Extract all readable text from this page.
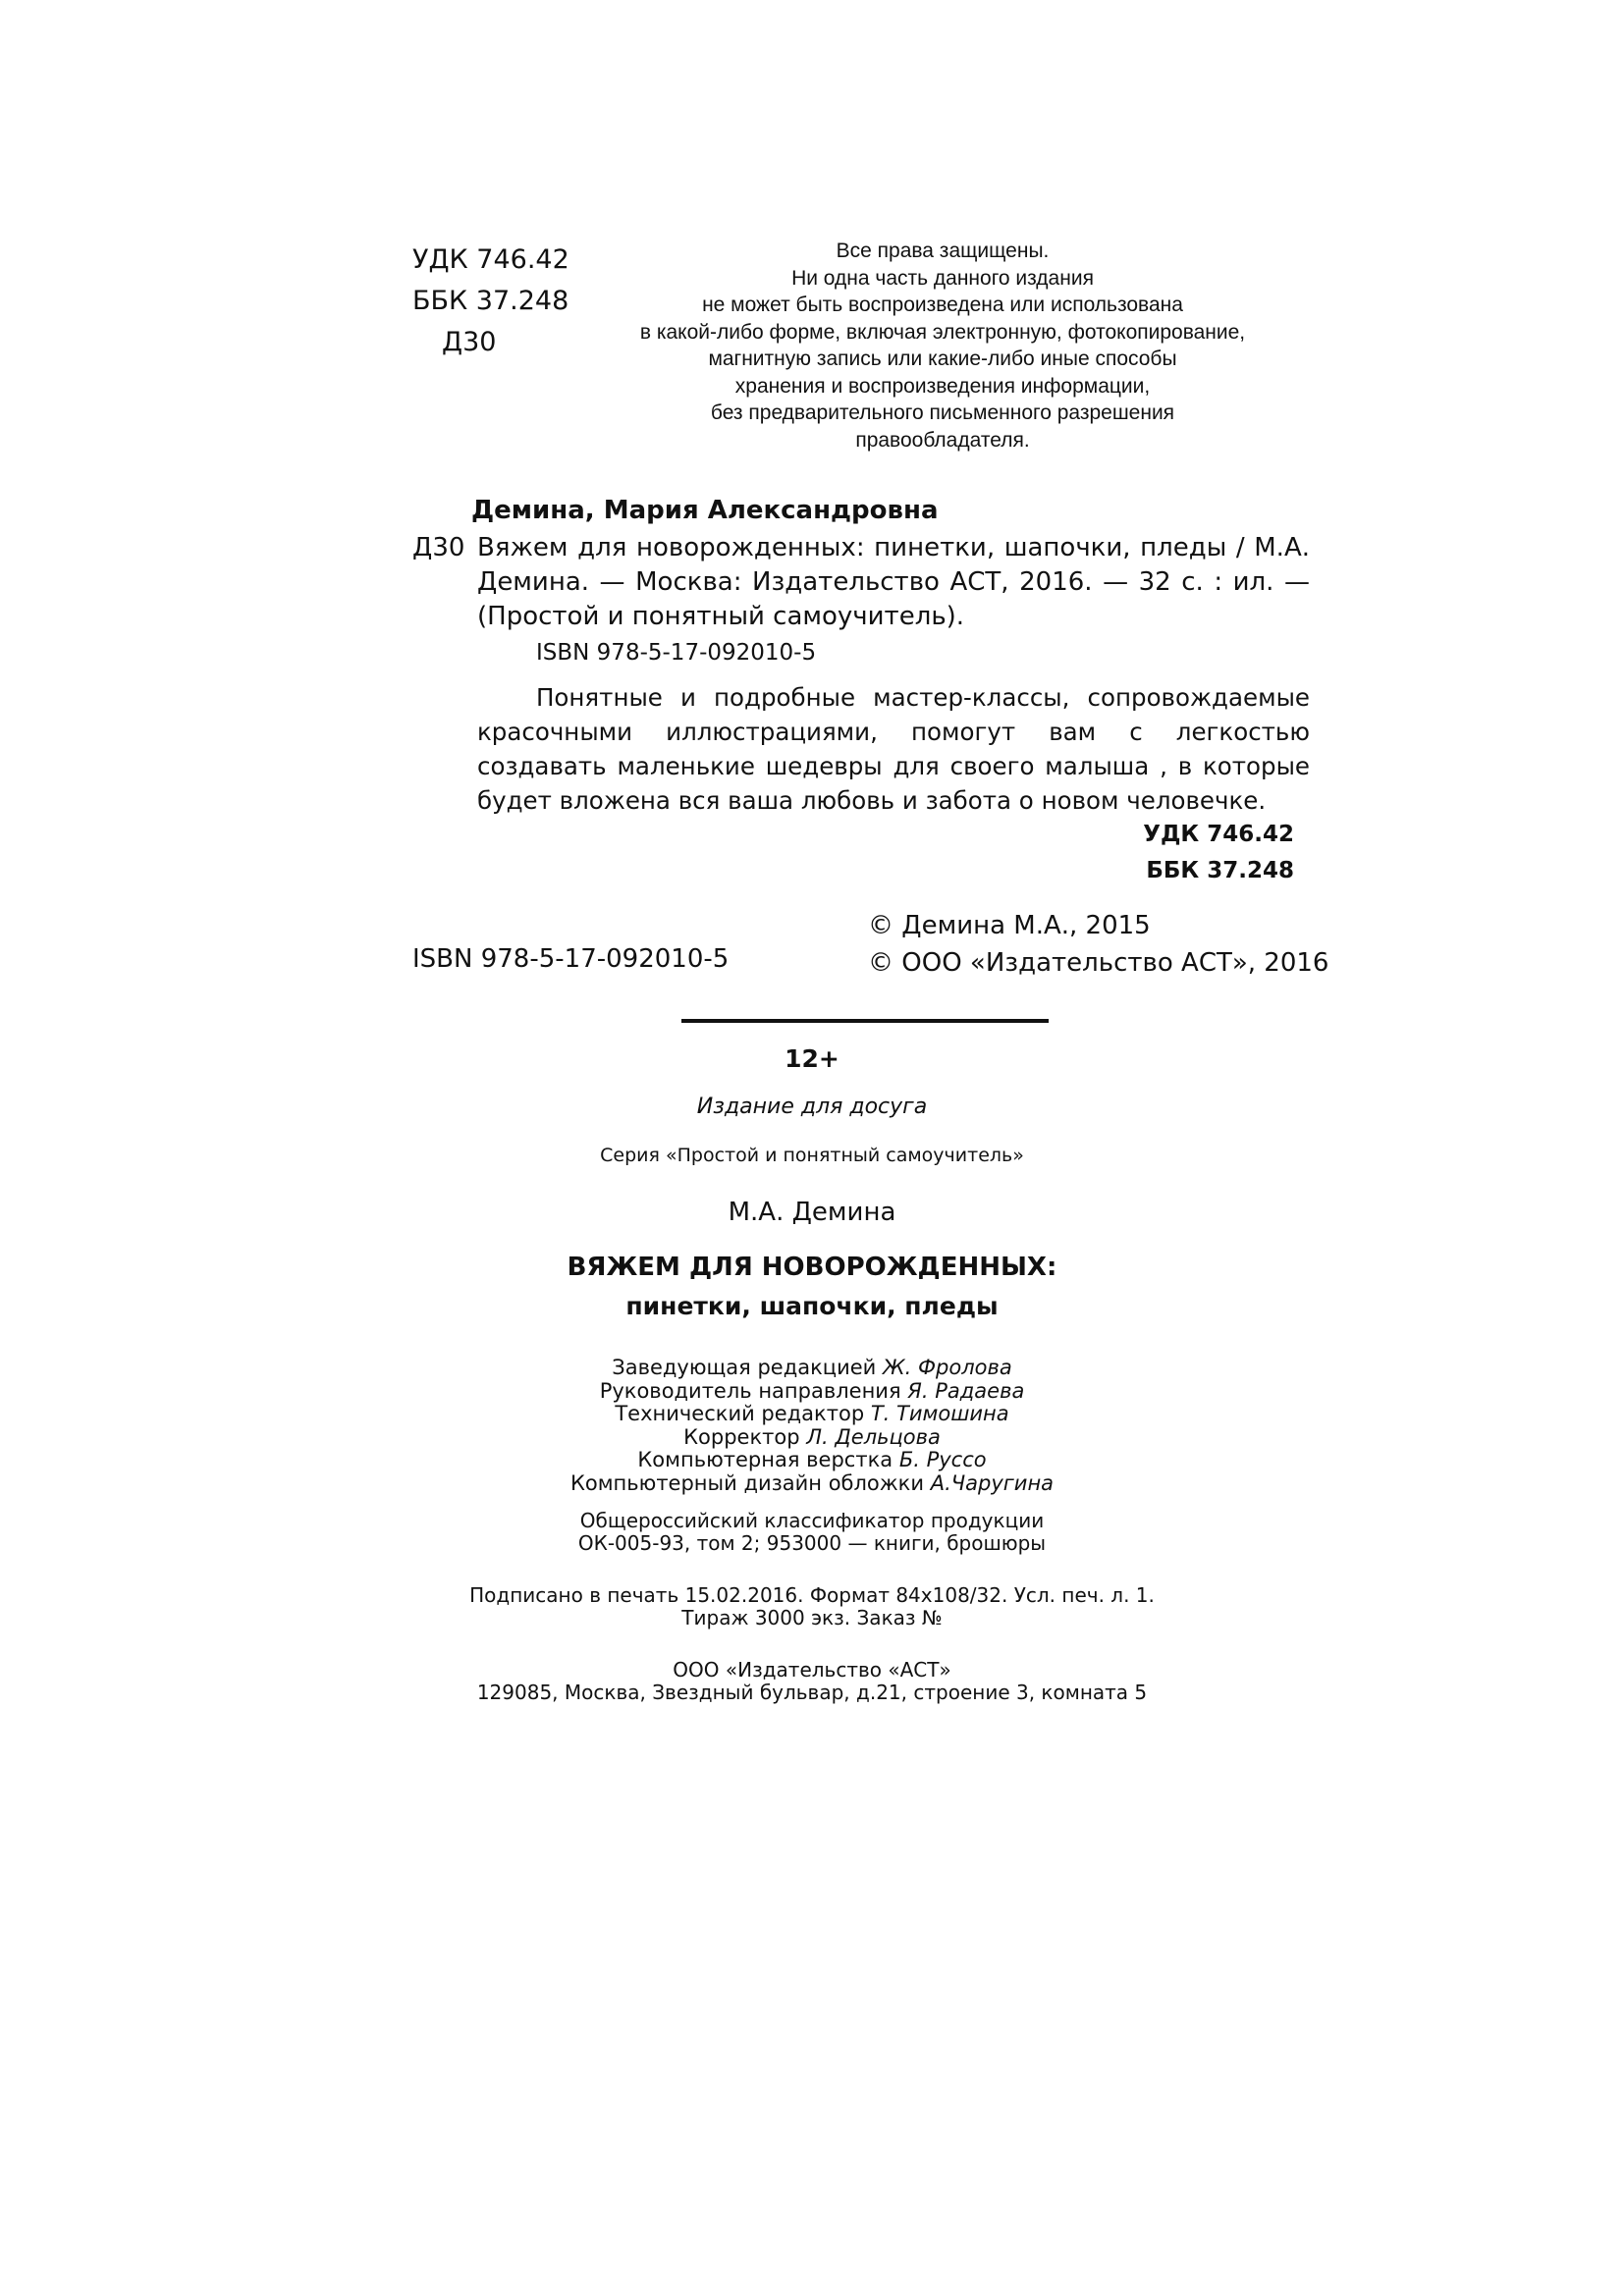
УДК 746.42
ББК 37.248
Д30
Все права защищены.
Ни одна часть данного издания
не может быть воспроизведена или использована
в какой-либо форме, включая электронную, фотокопирование,
магнитную запись или какие-либо иные способы
хранения и воспроизведения информации,
без предварительного письменного разрешения
правообладателя.
Демина, Мария Александровна
Д30 Вяжем для новорожденных: пинетки, шапочки, пледы / М.А. Демина. — Москва: Издательство АСТ, 2016. — 32 с. : ил. — (Простой и понятный самоучитель).
ISBN 978-5-17-092010-5
Понятные и подробные мастер-классы, сопровождаемые красочными иллюстрациями, помогут вам с легкостью создавать маленькие шедевры для своего малыша , в которые будет вложена вся ваша любовь и забота о новом человечке.
УДК 746.42
ББК 37.248
© Демина М.А., 2015
© ООО «Издательство АСТ», 2016
ISBN 978-5-17-092010-5
12+
Издание для досуга
Серия «Простой и понятный самоучитель»
М.А. Демина
ВЯЖЕМ ДЛЯ НОВОРОЖДЕННЫХ:
пинетки, шапочки, пледы
Заведующая редакцией Ж. Фролова
Руководитель направления Я. Радаева
Технический редактор Т. Тимошина
Корректор Л. Дельцова
Компьютерная верстка Б. Руссо
Компьютерный дизайн обложки А.Чаругина
Общероссийский классификатор продукции
ОК-005-93, том 2; 953000 — книги, брошюры
Подписано в печать 15.02.2016. Формат 84x108/32. Усл. печ. л. 1.
Тираж 3000 экз. Заказ №
ООО «Издательство «АСТ»
129085, Москва, Звездный бульвар, д.21, строение 3, комната 5
